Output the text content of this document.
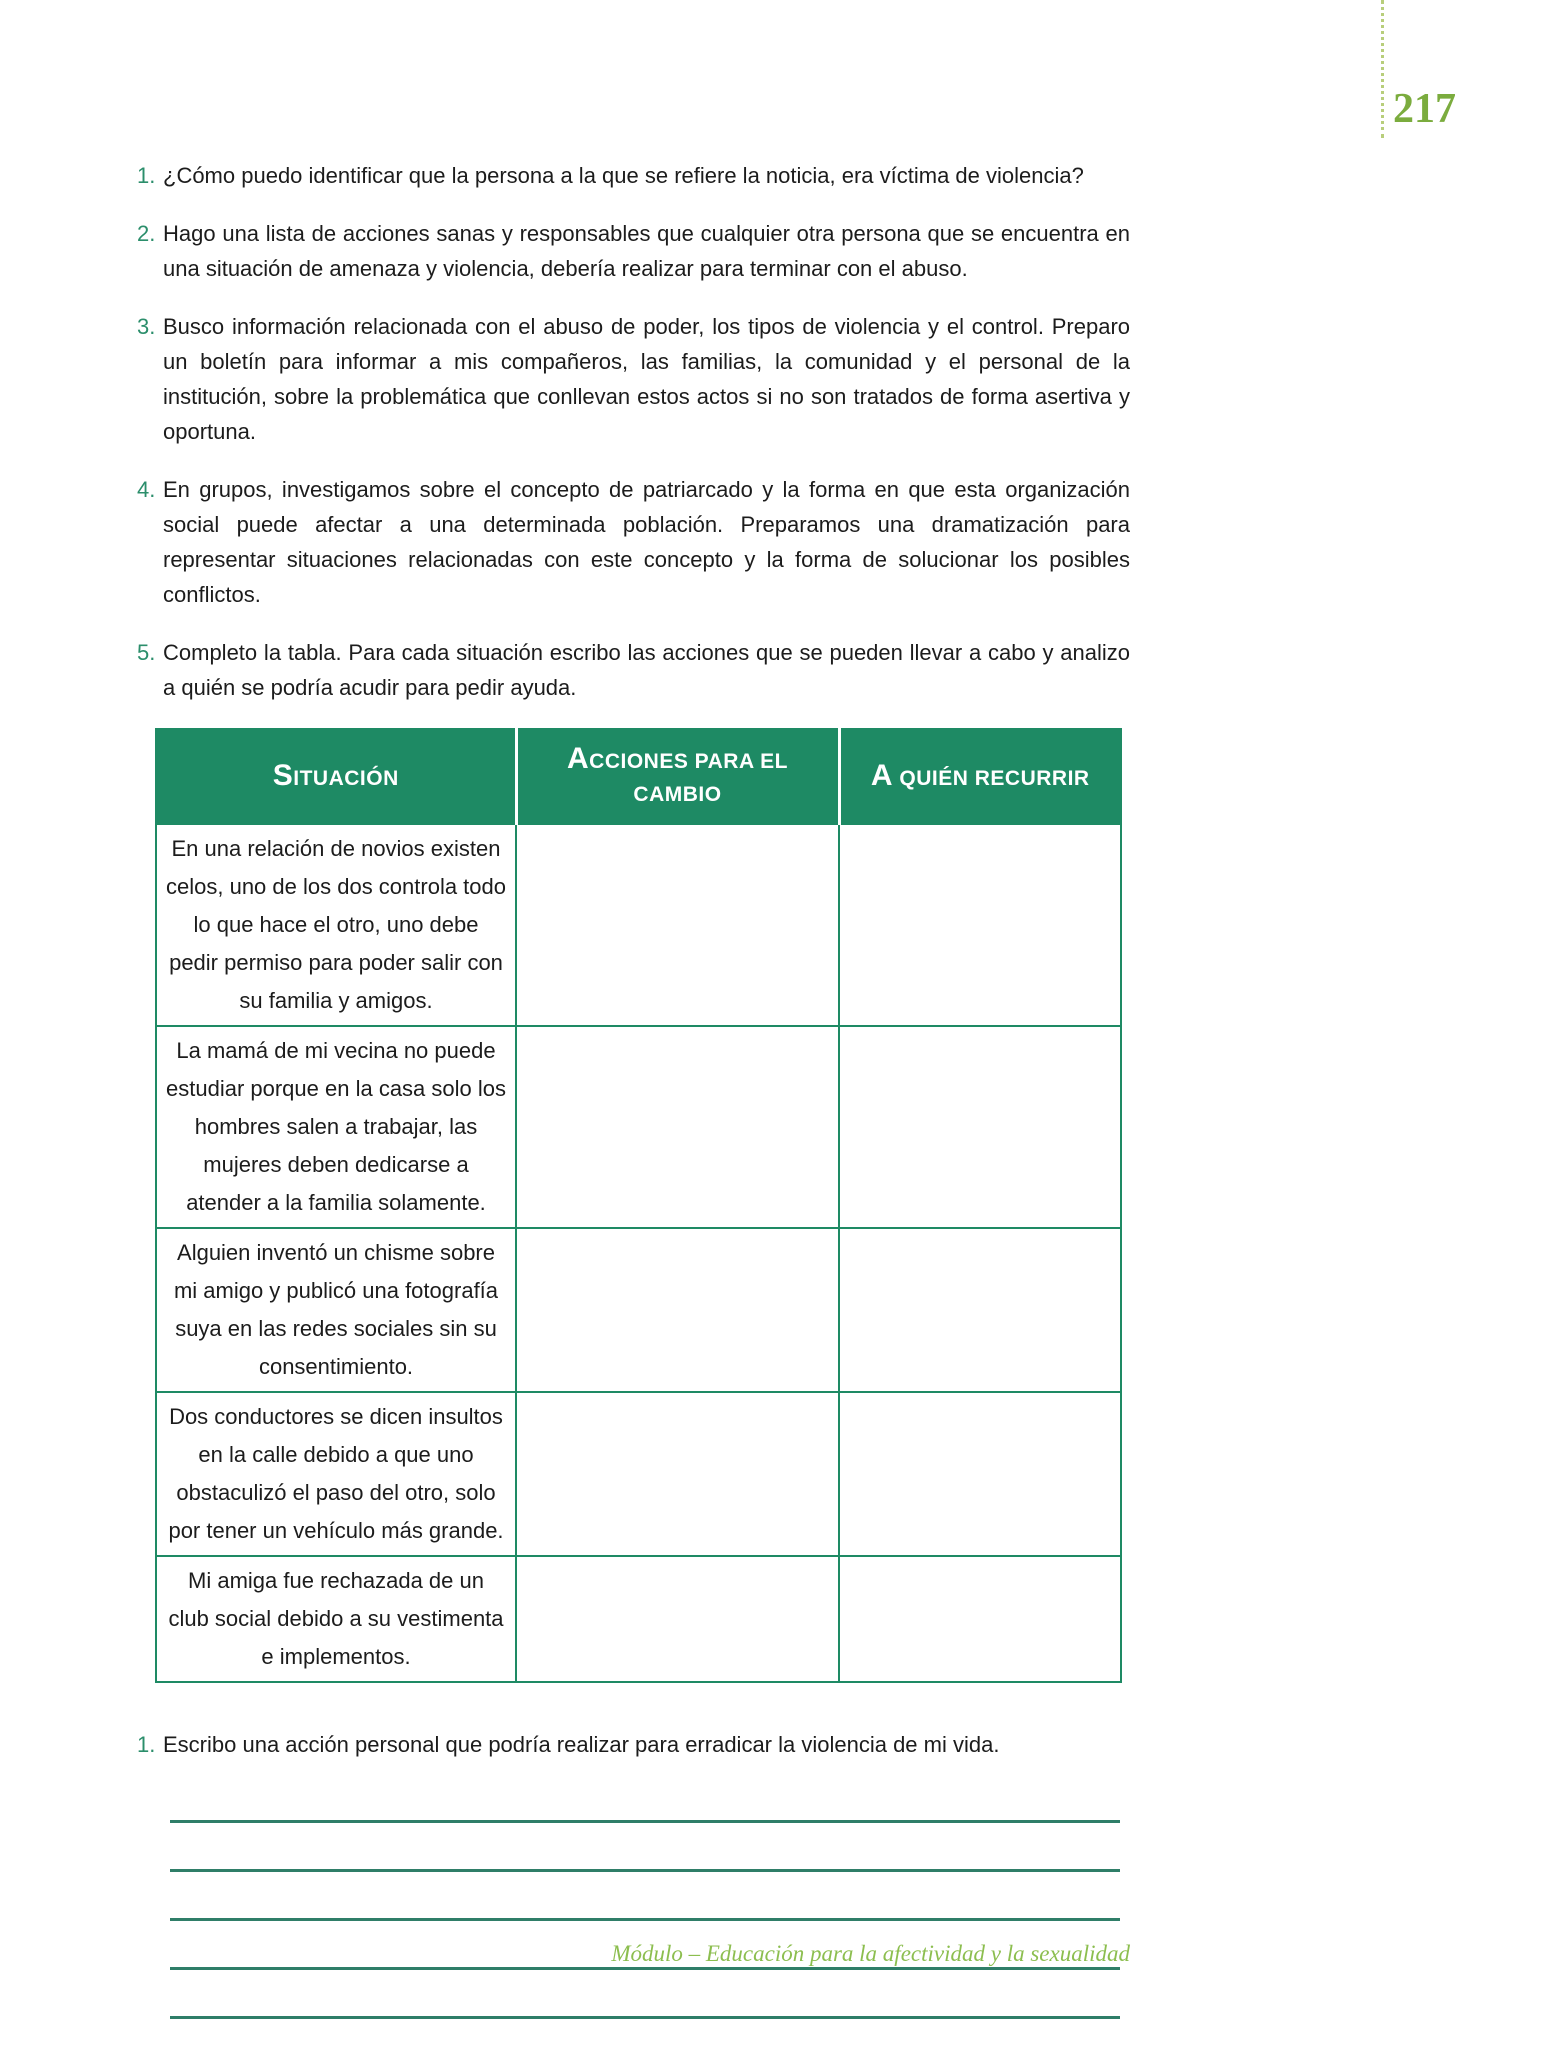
217
1. ¿Cómo puedo identificar que la persona a la que se refiere la noticia, era víctima de violencia?
2. Hago una lista de acciones sanas y responsables que cualquier otra persona que se encuentra en una situación de amenaza y violencia, debería realizar para terminar con el abuso.
3. Busco información relacionada con el abuso de poder, los tipos de violencia y el control. Preparo un boletín para informar a mis compañeros, las familias, la comunidad y el personal de la institución, sobre la problemática que conllevan estos actos si no son tratados de forma asertiva y oportuna.
4. En grupos, investigamos sobre el concepto de patriarcado y la forma en que esta organización social puede afectar a una determinada población. Preparamos una dramatización para representar situaciones relacionadas con este concepto y la forma de solucionar los posibles conflictos.
5. Completo la tabla. Para cada situación escribo las acciones que se pueden llevar a cabo y analizo a quién se podría acudir para pedir ayuda.
SITUACIÓN	ACCIONES PARA EL CAMBIO	A QUIÉN RECURRIR

En una relación de novios existen celos, uno de los dos controla todo lo que hace el otro, uno debe pedir permiso para poder salir con su familia y amigos.		
La mamá de mi vecina no puede estudiar porque en la casa solo los hombres salen a trabajar, las mujeres deben dedicarse a atender a la familia solamente.		
Alguien inventó un chisme sobre mi amigo y publicó una fotografía suya en las redes sociales sin su consentimiento.		
Dos conductores se dicen insultos en la calle debido a que uno obstaculizó el paso del otro, solo por tener un vehículo más grande.		
Mi amiga fue rechazada de un club social debido a su vestimenta e implementos.		
1. Escribo una acción personal que podría realizar para erradicar la violencia de mi vida.
Módulo – Educación para la afectividad y la sexualidad
